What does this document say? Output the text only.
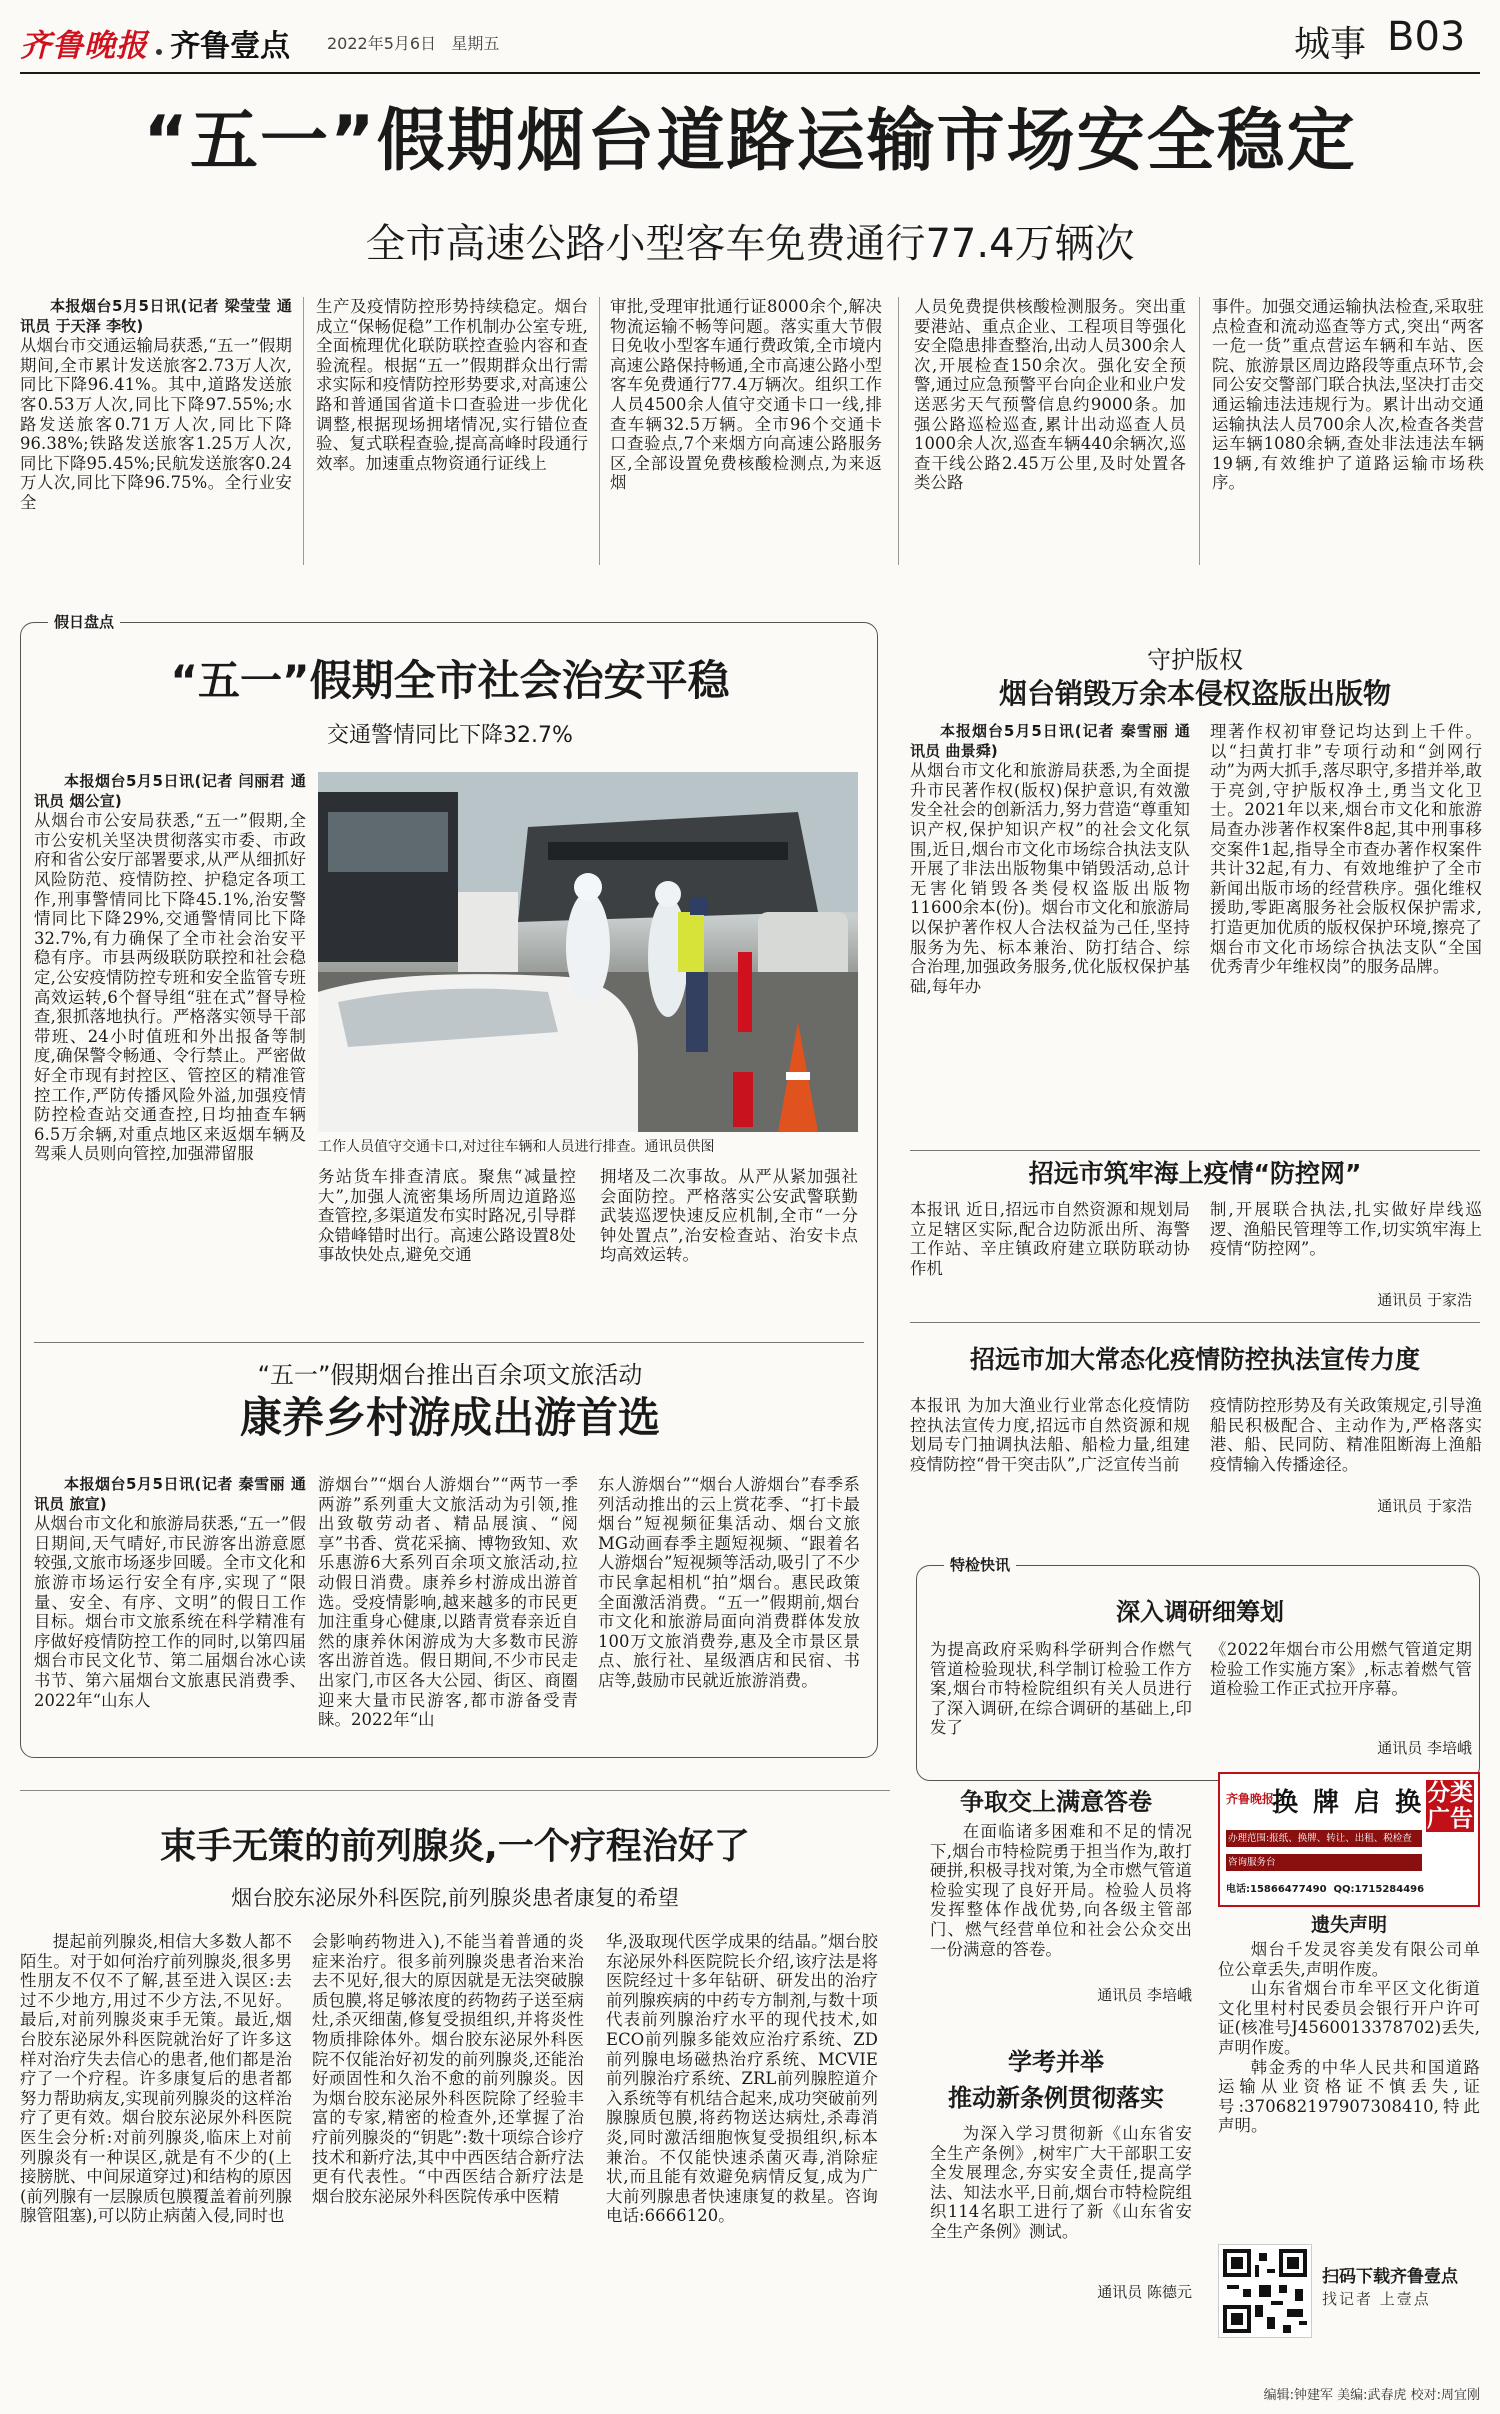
齐鲁晚报 齐鲁壹点	2022年5月6日 星期五	城事 B03
“五一”假期烟台道路运输市场安全稳定
全市高速公路小型客车免费通行77.4万辆次
本报烟台5月5日讯(记者 梁莹莹 通讯员 于天泽 李牧)
从烟台市交通运输局获悉,“五一”假期期间,全市累计发送旅客2.73万人次,同比下降96.41%。其中,道路发送旅客0.53万人次,同比下降97.55%;水路发送旅客0.71万人次,同比下降96.38%;铁路发送旅客1.25万人次,同比下降95.45%;民航发送旅客0.24万人次,同比下降96.75%。全行业安全
生产及疫情防控形势持续稳定。烟台成立“保畅促稳”工作机制办公室专班,全面梳理优化联防联控查验内容和查验流程。根据“五一”假期群众出行需求实际和疫情防控形势要求,对高速公路和普通国省道卡口查验进一步优化调整,根据现场拥堵情况,实行错位查验、复式联程查验,提高高峰时段通行效率。加速重点物资通行证线上
审批,受理审批通行证8000余个,解决物流运输不畅等问题。落实重大节假日免收小型客车通行费政策,全市境内高速公路保持畅通,全市高速公路小型客车免费通行77.4万辆次。组织工作人员4500余人值守交通卡口一线,排查车辆32.5万辆。全市96个交通卡口查验点,7个来烟方向高速公路服务区,全部设置免费核酸检测点,为来返烟
人员免费提供核酸检测服务。突出重要港站、重点企业、工程项目等强化安全隐患排查整治,出动人员300余人次,开展检查150余次。强化安全预警,通过应急预警平台向企业和业户发送恶劣天气预警信息约9000条。加强公路巡检巡查,累计出动巡查人员1000余人次,巡查车辆440余辆次,巡查干线公路2.45万公里,及时处置各类公路
事件。加强交通运输执法检查,采取驻点检查和流动巡查等方式,突出“两客一危一货”重点营运车辆和车站、医院、旅游景区周边路段等重点环节,会同公安交警部门联合执法,坚决打击交通运输违法违规行为。累计出动交通运输执法人员700余人次,检查各类营运车辆1080余辆,查处非法违法车辆19辆,有效维护了道路运输市场秩序。
假日盘点
“五一”假期全市社会治安平稳
交通警情同比下降32.7%
本报烟台5月5日讯(记者 闫丽君 通讯员 烟公宣)
从烟台市公安局获悉,“五一”假期,全市公安机关坚决贯彻落实市委、市政府和省公安厅部署要求,从严从细抓好风险防范、疫情防控、护稳定各项工作,刑事警情同比下降45.1%,治安警情同比下降29%,交通警情同比下降32.7%,有力确保了全市社会治安平稳有序。市县两级联防联控和社会稳定,公安疫情防控专班和安全监管专班高效运转,6个督导组“驻在式”督导检查,狠抓落地执行。严格落实领导干部带班、24小时值班和外出报备等制度,确保警令畅通、令行禁止。严密做好全市现有封控区、管控区的精准管控工作,严防传播风险外溢,加强疫情防控检查站交通查控,日均抽查车辆6.5万余辆,对重点地区来返烟车辆及驾乘人员则向管控,加强滞留服	工作人员值守交通卡口,对过往车辆和人员进行排查。通讯员供图
务站货车排查清底。聚焦“减量控大”,加强人流密集场所周边道路巡查管控,多渠道发布实时路况,引导群众错峰错时出行。高速公路设置8处事故快处点,避免交通
拥堵及二次事故。从严从紧加强社会面防控。严格落实公安武警联勤武装巡逻快速反应机制,全市“一分钟处置点”,治安检查站、治安卡点均高效运转。
“五一”假期烟台推出百余项文旅活动
康养乡村游成出游首选
本报烟台5月5日讯(记者 秦雪丽 通讯员 旅宣)
从烟台市文化和旅游局获悉,“五一”假日期间,天气晴好,市民游客出游意愿较强,文旅市场逐步回暖。全市文化和旅游市场运行安全有序,实现了“限量、安全、有序、文明”的假日工作目标。烟台市文旅系统在科学精准有序做好疫情防控工作的同时,以第四届烟台市民文化节、第二届烟台冰心读书节、第六届烟台文旅惠民消费季、2022年“山东人
游烟台”“烟台人游烟台”“两节一季两游”系列重大文旅活动为引领,推出致敬劳动者、精品展演、“阅享”书香、赏花采摘、博物致知、欢乐惠游6大系列百余项文旅活动,拉动假日消费。康养乡村游成出游首选。受疫情影响,越来越多的市民更加注重身心健康,以踏青赏春亲近自然的康养休闲游成为大多数市民游客出游首选。假日期间,不少市民走出家门,市区各大公园、街区、商圈迎来大量市民游客,都市游备受青睐。2022年“山
东人游烟台”“烟台人游烟台”春季系列活动推出的云上赏花季、“打卡最烟台”短视频征集活动、烟台文旅MG动画春季主题短视频、“跟着名人游烟台”短视频等活动,吸引了不少市民拿起相机“拍”烟台。惠民政策全面激活消费。“五一”假期前,烟台市文化和旅游局面向消费群体发放100万文旅消费券,惠及全市景区景点、旅行社、星级酒店和民宿、书店等,鼓励市民就近旅游消费。
守护版权
烟台销毁万余本侵权盗版出版物
本报烟台5月5日讯(记者 秦雪丽 通讯员 曲景舜)
从烟台市文化和旅游局获悉,为全面提升市民著作权(版权)保护意识,有效激发全社会的创新活力,努力营造“尊重知识产权,保护知识产权”的社会文化氛围,近日,烟台市文化市场综合执法支队开展了非法出版物集中销毁活动,总计无害化销毁各类侵权盗版出版物11600余本(份)。烟台市文化和旅游局以保护著作权人合法权益为己任,坚持服务为先、标本兼治、防打结合、综合治理,加强政务服务,优化版权保护基础,每年办
理著作权初审登记均达到上千件。以“扫黄打非”专项行动和“剑网行动”为两大抓手,落尽职守,多措并举,敢于亮剑,守护版权净土,勇当文化卫士。2021年以来,烟台市文化和旅游局查办涉著作权案件8起,其中刑事移交案件1起,指导全市查办著作权案件共计32起,有力、有效地维护了全市新闻出版市场的经营秩序。强化维权援助,零距离服务社会版权保护需求,打造更加优质的版权保护环境,擦亮了烟台市文化市场综合执法支队“全国优秀青少年维权岗”的服务品牌。
招远市筑牢海上疫情“防控网”
本报讯 近日,招远市自然资源和规划局立足辖区实际,配合边防派出所、海警工作站、辛庄镇政府建立联防联动协作机
制,开展联合执法,扎实做好岸线巡逻、渔船民管理等工作,切实筑牢海上疫情“防控网”。
通讯员 于家浩
招远市加大常态化疫情防控执法宣传力度
本报讯 为加大渔业行业常态化疫情防控执法宣传力度,招远市自然资源和规划局专门抽调执法船、船检力量,组建疫情防控“骨干突击队”,广泛宣传当前
疫情防控形势及有关政策规定,引导渔船民积极配合、主动作为,严格落实港、船、民同防、精准阻断海上渔船疫情输入传播途径。
通讯员 于家浩
特检快讯
深入调研细筹划
为提高政府采购科学研判合作燃气管道检验现状,科学制订检验工作方案,烟台市特检院组织有关人员进行了深入调研,在综合调研的基础上,印发了
《2022年烟台市公用燃气管道定期检验工作实施方案》,标志着燃气管道检验工作正式拉开序幕。
通讯员 李培峨
争取交上满意答卷
在面临诸多困难和不足的情况下,烟台市特检院勇于担当作为,敢打硬拼,积极寻找对策,为全市燃气管道检验实现了良好开局。检验人员将发挥整体作战优势,向各级主管部门、燃气经营单位和社会公众交出一份满意的答卷。
通讯员 李培峨
学考并举
推动新条例贯彻落实
为深入学习贯彻新《山东省安全生产条例》,树牢广大干部职工安全发展理念,夯实安全责任,提高学法、知法水平,日前,烟台市特检院组织114名职工进行了新《山东省安全生产条例》测试。
通讯员 陈德元
齐鲁晚报
换 牌 启 换 分类广告
办理范围:报纸、换牌、转让、出租、税检查
咨询服务台
电话:15866477490 QQ:1715284496
遗失声明

烟台千发灵容美发有限公司单位公章丢失,声明作废。

山东省烟台市牟平区文化街道文化里村村民委员会银行开户许可证(核准号J4560013378702)丢失,声明作废。

韩金秀的中华人民共和国道路运输从业资格证不慎丢失,证号:370682197907308410,特此声明。

扫码下载齐鲁壹点
找记者 上壹点
编辑:钟建军 美编:武春虎 校对:周宜刚
束手无策的前列腺炎,一个疗程治好了
烟台胶东泌尿外科医院,前列腺炎患者康复的希望

提起前列腺炎,相信大多数人都不陌生。对于如何治疗前列腺炎,很多男性朋友不仅不了解,甚至进入误区:去过不少地方,用过不少方法,不见好。最后,对前列腺炎束手无策。最近,烟台胶东泌尿外科医院就治好了许多这样对治疗失去信心的患者,他们都是治疗了一个疗程。许多康复后的患者都努力帮助病友,实现前列腺炎的这样治疗了更有效。烟台胶东泌尿外科医院医生会分析:对前列腺炎,临床上对前列腺炎有一种误区,就是有不少的(上接膀胱、中间尿道穿过)和结构的原因(前列腺有一层腺质包膜覆盖着前列腺腺管阻塞),可以防止病菌入侵,同时也

会影响药物进入),不能当着普通的炎症来治疗。很多前列腺炎患者治来治去不见好,很大的原因就是无法突破腺质包膜,将足够浓度的药物药子送至病灶,杀灭细菌,修复受损组织,并将炎性物质排除体外。烟台胶东泌尿外科医院不仅能治好初发的前列腺炎,还能治好顽固性和久治不愈的前列腺炎。因为烟台胶东泌尿外科医院除了经验丰富的专家,精密的检查外,还掌握了治疗前列腺炎的“钥匙”:数十项综合诊疗技术和新疗法,其中中西医结合新疗法更有代表性。“中西医结合新疗法是烟台胶东泌尿外科医院传承中医精
华,汲取现代医学成果的结晶。”烟台胶东泌尿外科医院院长介绍,该疗法是将医院经过十多年钻研、研发出的治疗前列腺疾病的中药专方制剂,与数十项代表前列腺治疗水平的现代技术,如ECO前列腺多能效应治疗系统、ZD前列腺电场磁热治疗系统、MCVIE前列腺治疗系统、ZRL前列腺腔道介入系统等有机结合起来,成功突破前列腺腺质包膜,将药物送达病灶,杀毒消炎,同时激活细胞恢复受损组织,标本兼治。不仅能快速杀菌灭毒,消除症状,而且能有效避免病情反复,成为广大前列腺患者快速康复的救星。咨询电话:6666120。
